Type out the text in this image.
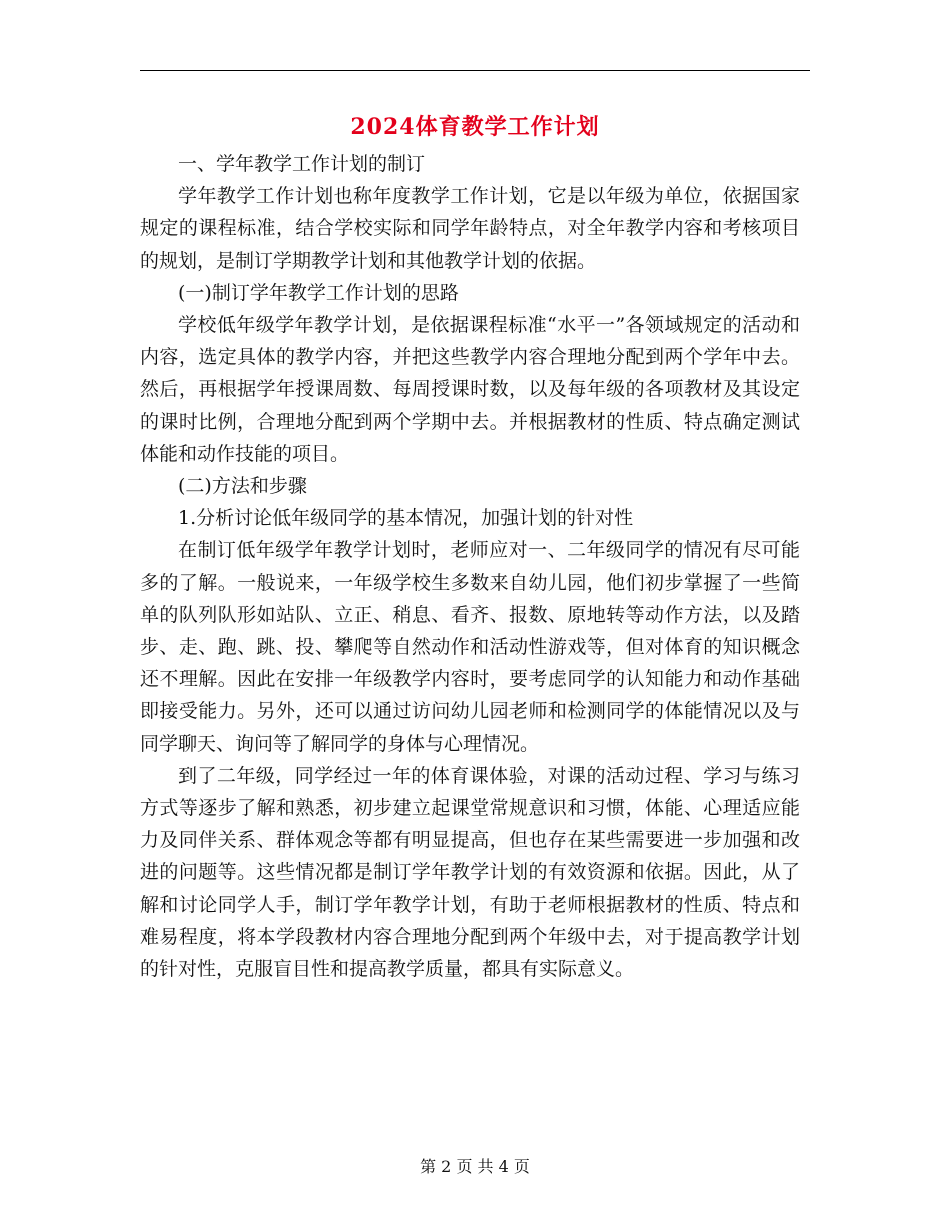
2024体育教学工作计划

一、学年教学工作计划的制订

学年教学工作计划也称年度教学工作计划，它是以年级为单位，依据国家规定的课程标准，结合学校实际和同学年龄特点，对全年教学内容和考核项目的规划，是制订学期教学计划和其他教学计划的依据。

(一)制订学年教学工作计划的思路

学校低年级学年教学计划，是依据课程标准“水平一”各领域规定的活动和内容，选定具体的教学内容，并把这些教学内容合理地分配到两个学年中去。然后，再根据学年授课周数、每周授课时数，以及每年级的各项教材及其设定的课时比例，合理地分配到两个学期中去。并根据教材的性质、特点确定测试体能和动作技能的项目。

(二)方法和步骤

1.分析讨论低年级同学的基本情况，加强计划的针对性

在制订低年级学年教学计划时，老师应对一、二年级同学的情况有尽可能多的了解。一般说来，一年级学校生多数来自幼儿园，他们初步掌握了一些简单的队列队形如站队、立正、稍息、看齐、报数、原地转等动作方法，以及踏步、走、跑、跳、投、攀爬等自然动作和活动性游戏等，但对体育的知识概念还不理解。因此在安排一年级教学内容时，要考虑同学的认知能力和动作基础即接受能力。另外，还可以通过访问幼儿园老师和检测同学的体能情况以及与同学聊天、询问等了解同学的身体与心理情况。

到了二年级，同学经过一年的体育课体验，对课的活动过程、学习与练习方式等逐步了解和熟悉，初步建立起课堂常规意识和习惯，体能、心理适应能力及同伴关系、群体观念等都有明显提高，但也存在某些需要进一步加强和改进的问题等。这些情况都是制订学年教学计划的有效资源和依据。因此，从了解和讨论同学人手，制订学年教学计划，有助于老师根据教材的性质、特点和难易程度，将本学段教材内容合理地分配到两个年级中去，对于提高教学计划的针对性，克服盲目性和提高教学质量，都具有实际意义。

第 2 页 共 4 页
